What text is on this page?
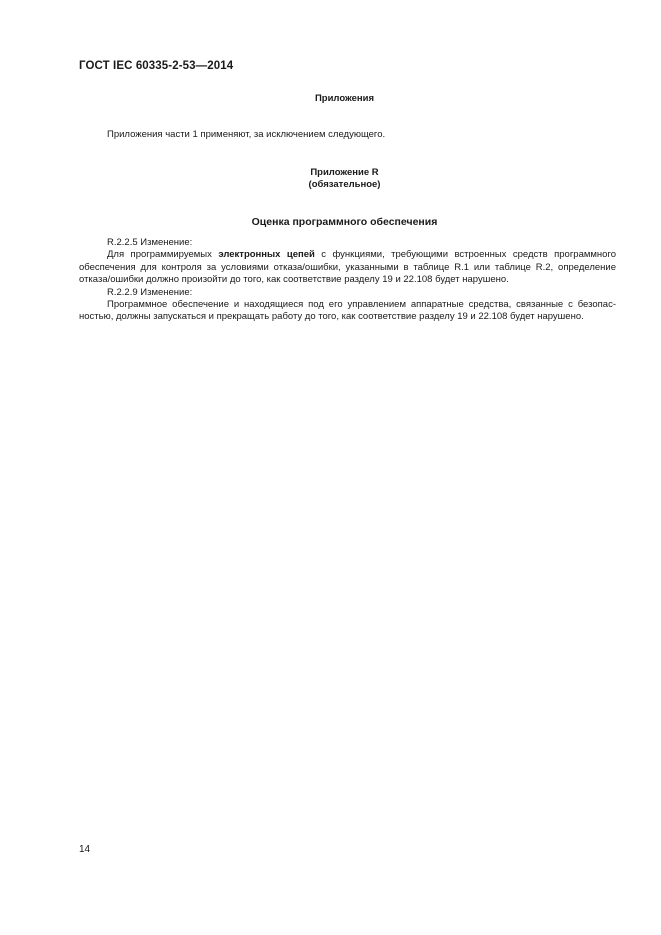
ГОСТ IEC 60335-2-53—2014
Приложения
Приложения части 1 применяют, за исключением следующего.
Приложение R
(обязательное)
Оценка программного обеспечения
R.2.2.5 Изменение:
Для программируемых электронных цепей с функциями, требующими встроенных средств программного
обеспечения для контроля за условиями отказа/ошибки, указанными в таблице R.1 или таблице R.2, определение
отказа/ошибки должно произойти до того, как соответствие разделу 19 и 22.108 будет нарушено.
R.2.2.9 Изменение:
Программное обеспечение и находящиеся под его управлением аппаратные средства, связанные с безопас-
ностью, должны запускаться и прекращать работу до того, как соответствие разделу 19 и 22.108 будет нарушено.
14
